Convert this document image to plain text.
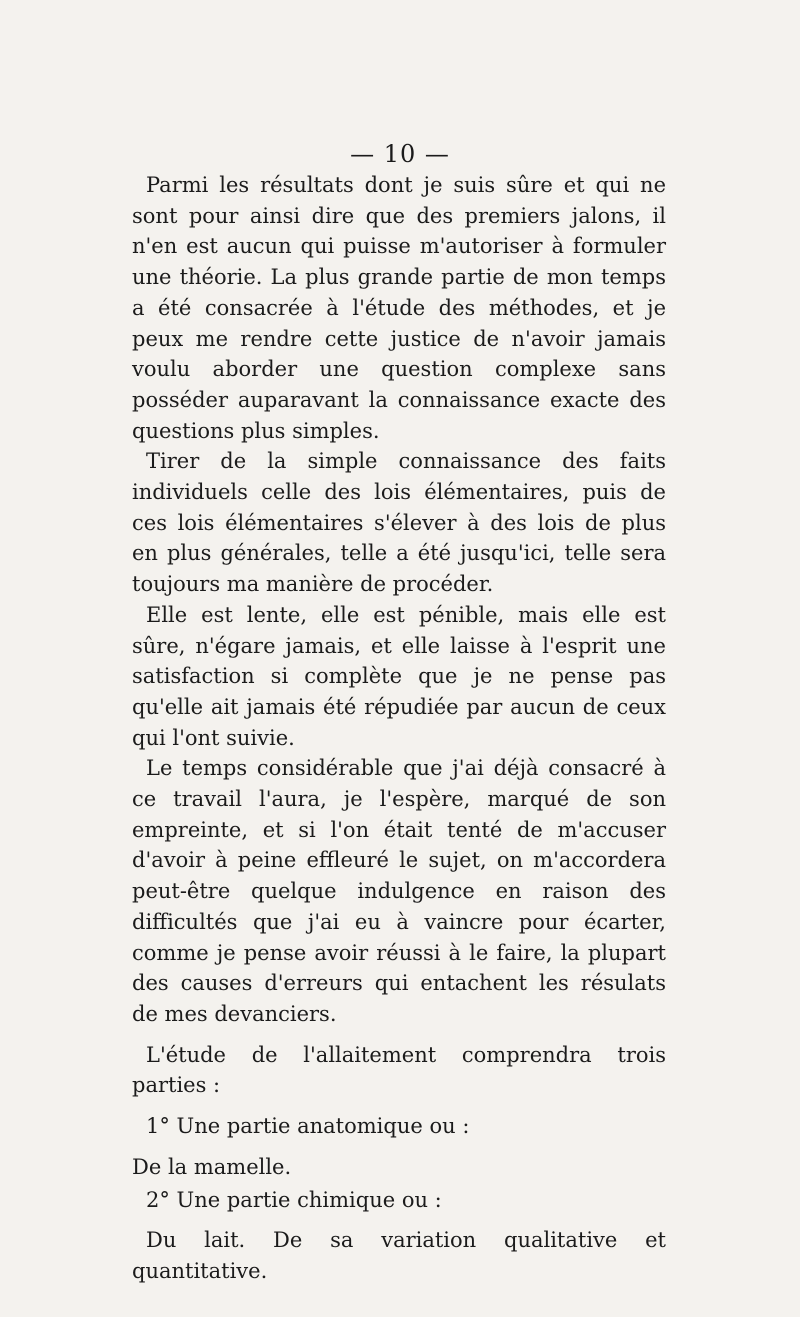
— 10 —

Parmi les résultats dont je suis sûre et qui ne sont pour ainsi dire que des premiers jalons, il n'en est aucun qui puisse m'autoriser à formuler une théorie. La plus grande partie de mon temps a été consacrée à l'étude des méthodes, et je peux me rendre cette justice de n'avoir jamais voulu aborder une question complexe sans posséder auparavant la connaissance exacte des questions plus simples.

Tirer de la simple connaissance des faits individuels celle des lois élémentaires, puis de ces lois élémentaires s'élever à des lois de plus en plus générales, telle a été jusqu'ici, telle sera toujours ma manière de procéder.

Elle est lente, elle est pénible, mais elle est sûre, n'égare jamais, et elle laisse à l'esprit une satisfaction si complète que je ne pense pas qu'elle ait jamais été répudiée par aucun de ceux qui l'ont suivie.

Le temps considérable que j'ai déjà consacré à ce travail l'aura, je l'espère, marqué de son empreinte, et si l'on était tenté de m'accuser d'avoir à peine effleuré le sujet, on m'accordera peut-être quelque indulgence en raison des difficultés que j'ai eu à vaincre pour écarter, comme je pense avoir réussi à le faire, la plupart des causes d'erreurs qui entachent les résulats de mes devanciers.

L'étude de l'allaitement comprendra trois parties :

1° Une partie anatomique ou :

De la mamelle.

2° Une partie chimique ou :

Du lait. De sa variation qualitative et quantitative.
